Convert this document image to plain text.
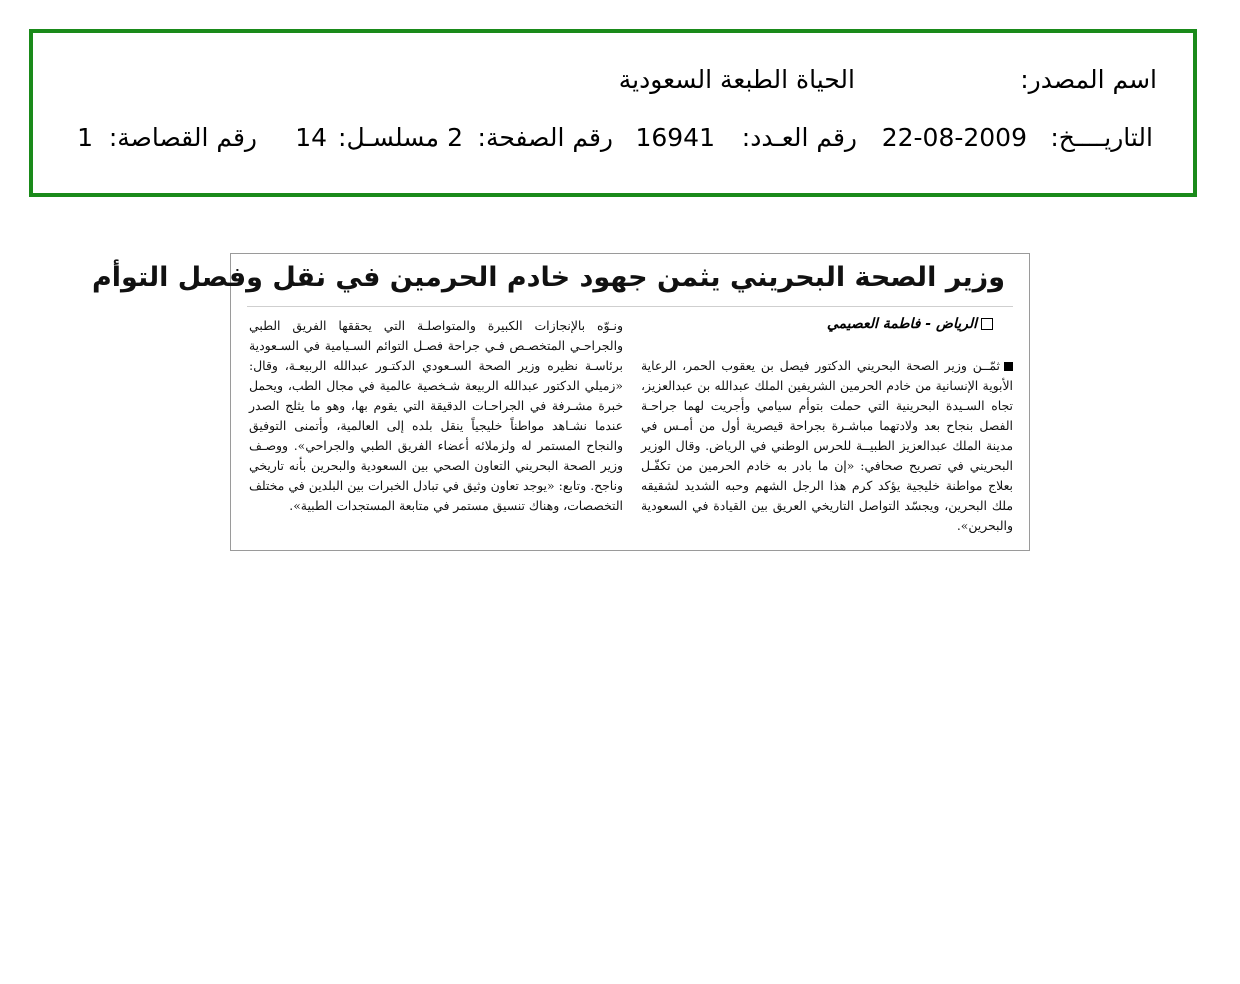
اسم المصدر:
الحياة الطبعة السعودية
التاريــــخ:
22-08-2009
رقم العـدد:
16941
رقم الصفحة:
2
مسلسـل:
14
رقم القصاصة:
1
وزير الصحة البحريني يثمن جهود خادم الحرمين في نقل وفصل التوأم
الرياض - فاطمة العصيمي
ثمّــن وزير الصحة البحريني الدكتور فيصل بن يعقوب الحمر، الرعاية الأبوية الإنسانية من خادم الحرمين الشريفين الملك عبدالله بن عبدالعزيز، تجاه السـيدة البحرينية التي حملت بتوأم سيامي وأجريت لهما جراحـة الفصل بنجاح بعد ولادتهما مباشـرة بجراحة قيصرية أول من أمـس في مدينة الملك عبدالعزيز الطبيــة للحرس الوطني في الرياض. وقال الوزير البحريني في تصريح صحافي: «إن ما بادر به خادم الحرمين من تكفّـل بعلاج مواطنة خليجية يؤكد كرم هذا الرجل الشهم وحبه الشديد لشقيقه ملك البحرين، ويجسّد التواصل التاريخي العريق بين القيادة في السعودية والبحرين».
ونـوّه بالإنجازات الكبيرة والمتواصلـة التي يحققها الفريق الطبي والجراحـي المتخصـص فـي جراحة فصـل التوائم السـيامية في السـعودية برئاسـة نظيره وزير الصحة السـعودي الدكتـور عبدالله الربيعـة، وقال: «زميلي الدكتور عبدالله الربيعة شـخصية عالمية في مجال الطب، ويحمل خبرة مشـرفة في الجراحـات الدقيقة التي يقوم بها، وهو ما يثلج الصدر عندما نشـاهد مواطناً خليجياً ينقل بلده إلى العالمية، وأتمنى التوفيق والنجاح المستمر له ولزملائه أعضاء الفريق الطبي والجراحي». ووصـف وزير الصحة البحريني التعاون الصحي بين السعودية والبحرين بأنه تاريخي وناجح. وتابع: «يوجد تعاون وثيق في تبادل الخبرات بين البلدين في مختلف التخصصات، وهناك تنسيق مستمر في متابعة المستجدات الطبية».
